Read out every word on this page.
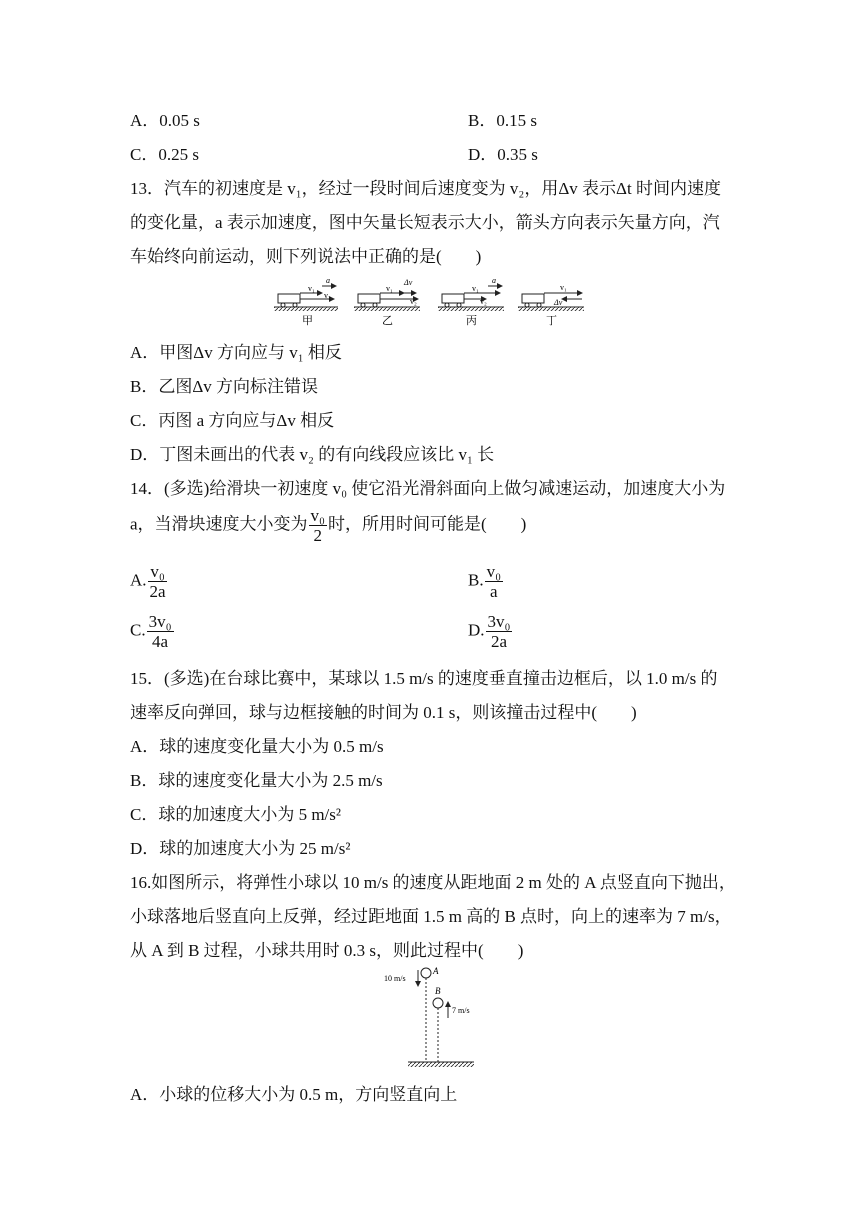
A．0.05 s	B．0.15 s
C．0.25 s	D．0.35 s
13．汽车的初速度是 v₁，经过一段时间后速度变为 v₂，用Δv 表示Δt 时间内速度
的变化量，a 表示加速度，图中矢量长短表示大小，箭头方向表示矢量方向，汽
车始终向前运动，则下列说法中正确的是(　　)
v₁
v₂
a
甲
v₁
v₂
Δv
乙
v₁
v₂
a
丙
v₁
Δv
丁
A．甲图Δv 方向应与 v₁ 相反
B．乙图Δv 方向标注错误
C．丙图 a 方向应与Δv 相反
D．丁图未画出的代表 v₂ 的有向线段应该比 v₁ 长
14．(多选)给滑块一初速度 v₀ 使它沿光滑斜面向上做匀减速运动，加速度大小为
a，当滑块速度大小变为 $\frac{\text{v₀}}{2}$ 时，所用时间可能是(　　)
A. $\frac{\text{v₀}}{2a}$	B. $\frac{\text{v₀}}{a}$
C. $\frac{\text{3v₀}}{4a}$	D. $\frac{\text{3v₀}}{2a}$
15．(多选)在台球比赛中，某球以 1.5 m/s 的速度垂直撞击边框后，以 1.0 m/s 的
速率反向弹回，球与边框接触的时间为 0.1 s，则该撞击过程中(　　)
A．球的速度变化量大小为 0.5 m/s
B．球的速度变化量大小为 2.5 m/s
C．球的加速度大小为 5 m/s²
D．球的加速度大小为 25 m/s²
16.如图所示，将弹性小球以 10 m/s 的速度从距地面 2 m 处的 A 点竖直向下抛出，
小球落地后竖直向上反弹，经过距地面 1.5 m 高的 B 点时，向上的速率为 7 m/s，
从 A 到 B 过程，小球共用时 0.3 s，则此过程中(　　)
10 m/s
A
B
7 m/s
A．小球的位移大小为 0.5 m，方向竖直向上
